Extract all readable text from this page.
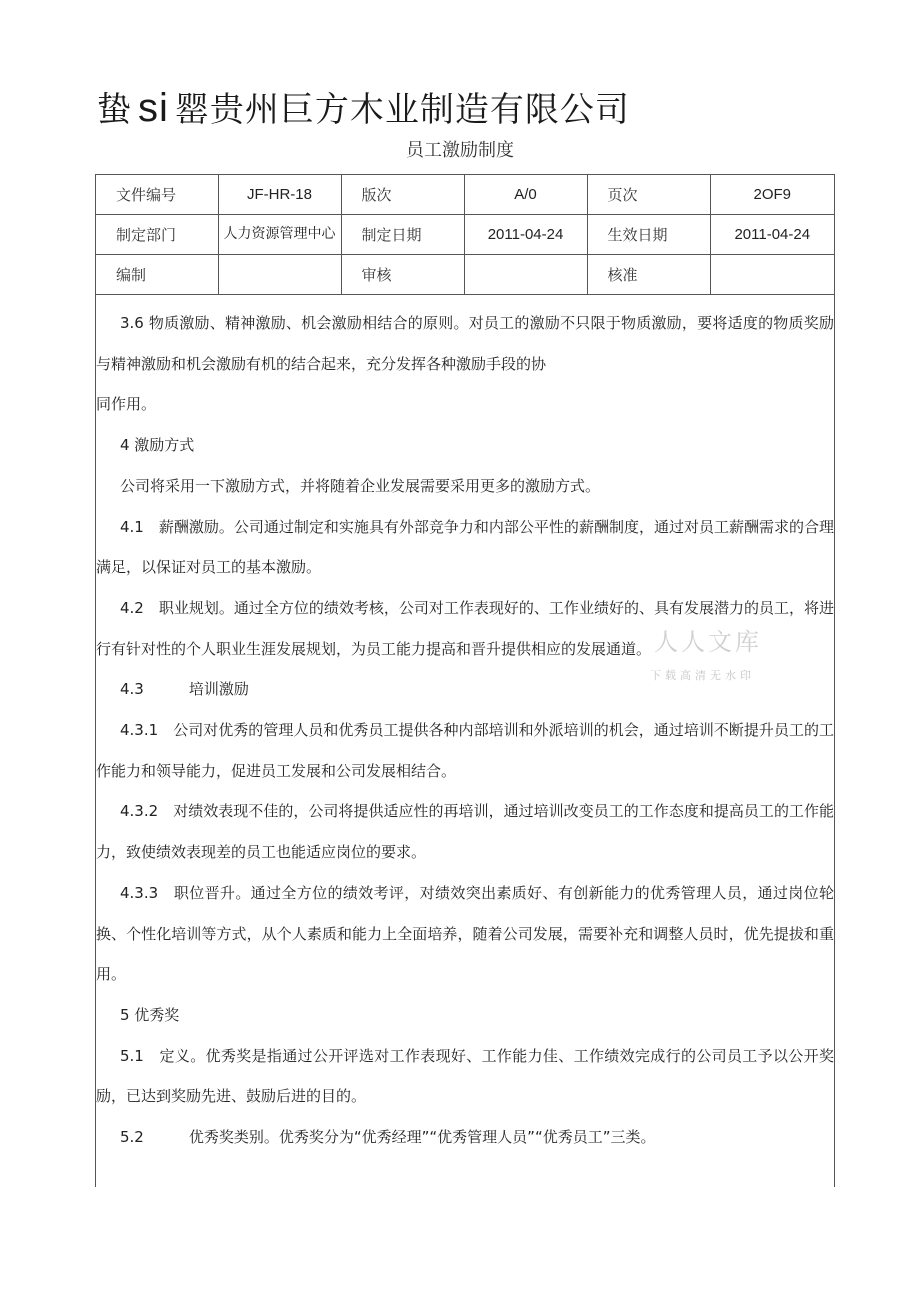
蛰 si 罂贵州巨方木业制造有限公司
员工激励制度
文件编号	JF-HR-18	版次	A/0	页次	2OF9
制定部门	人力资源管理中心	制定日期	2011-04-24	生效日期	2011-04-24
编制		审核		核准	

3.6 物质激励、精神激励、机会激励相结合的原则。对员工的激励不只限于物质激励，要将适度的物质奖励与精神激励和机会激励有机的结合起来，充分发挥各种激励手段的协

同作用。

4 激励方式

公司将采用一下激励方式，并将随着企业发展需要采用更多的激励方式。

4.1　薪酬激励。公司通过制定和实施具有外部竞争力和内部公平性的薪酬制度，通过对员工薪酬需求的合理满足，以保证对员工的基本激励。

4.2　职业规划。通过全方位的绩效考核，公司对工作表现好的、工作业绩好的、具有发展潜力的员工，将进行有针对性的个人职业生涯发展规划，为员工能力提高和晋升提供相应的发展通道。

4.3　　　培训激励

4.3.1　公司对优秀的管理人员和优秀员工提供各种内部培训和外派培训的机会，通过培训不断提升员工的工作能力和领导能力，促进员工发展和公司发展相结合。

4.3.2　对绩效表现不佳的，公司将提供适应性的再培训，通过培训改变员工的工作态度和提高员工的工作能力，致使绩效表现差的员工也能适应岗位的要求。

4.3.3　职位晋升。通过全方位的绩效考评，对绩效突出素质好、有创新能力的优秀管理人员，通过岗位轮换、个性化培训等方式，从个人素质和能力上全面培养，随着公司发展，需要补充和调整人员时，优先提拔和重用。

5 优秀奖

5.1　定义。优秀奖是指通过公开评选对工作表现好、工作能力佳、工作绩效完成行的公司员工予以公开奖励，已达到奖励先进、鼓励后进的目的。

5.2　　　优秀奖类别。优秀奖分为“优秀经理”“优秀管理人员”“优秀员工”三类。

人人文库
下载高清无水印
